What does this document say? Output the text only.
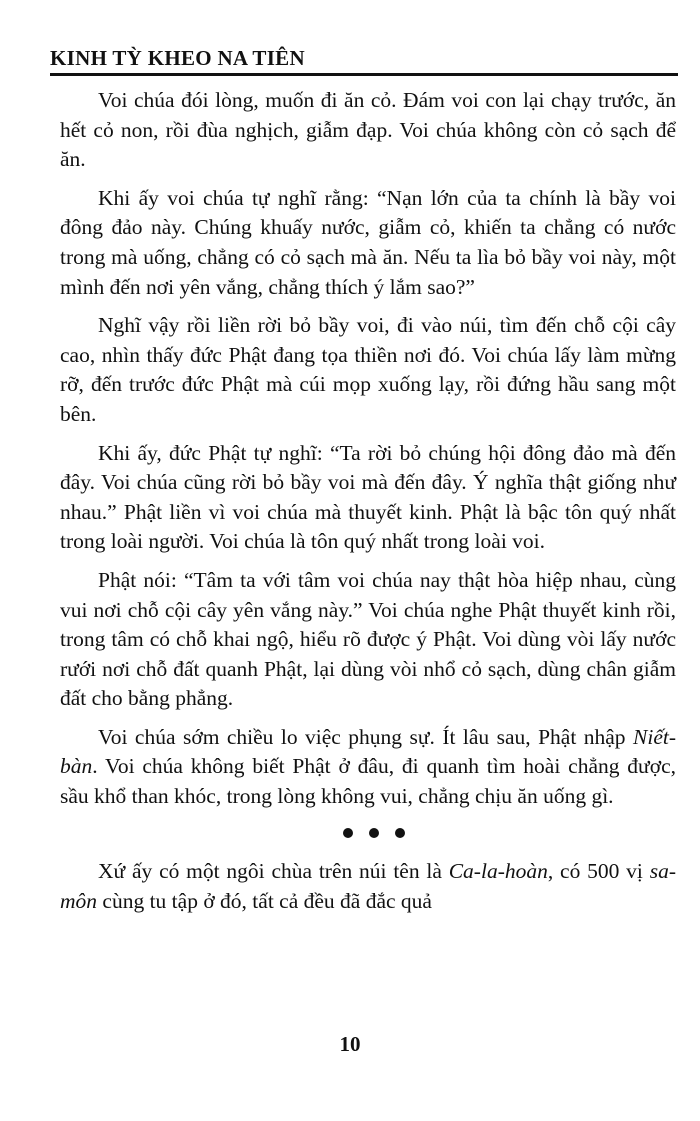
KINH TỲ KHEO NA TIÊN

Voi chúa đói lòng, muốn đi ăn cỏ. Đám voi con lại chạy trước, ăn hết cỏ non, rồi đùa nghịch, giẫm đạp. Voi chúa không còn cỏ sạch để ăn.

Khi ấy voi chúa tự nghĩ rằng: “Nạn lớn của ta chính là bầy voi đông đảo này. Chúng khuấy nước, giẫm cỏ, khiến ta chẳng có nước trong mà uống, chẳng có cỏ sạch mà ăn. Nếu ta lìa bỏ bầy voi này, một mình đến nơi yên vắng, chẳng thích ý lắm sao?”

Nghĩ vậy rồi liền rời bỏ bầy voi, đi vào núi, tìm đến chỗ cội cây cao, nhìn thấy đức Phật đang tọa thiền nơi đó. Voi chúa lấy làm mừng rỡ, đến trước đức Phật mà cúi mọp xuống lạy, rồi đứng hầu sang một bên.

Khi ấy, đức Phật tự nghĩ: “Ta rời bỏ chúng hội đông đảo mà đến đây. Voi chúa cũng rời bỏ bầy voi mà đến đây. Ý nghĩa thật giống như nhau.” Phật liền vì voi chúa mà thuyết kinh. Phật là bậc tôn quý nhất trong loài người. Voi chúa là tôn quý nhất trong loài voi.

Phật nói: “Tâm ta với tâm voi chúa nay thật hòa hiệp nhau, cùng vui nơi chỗ cội cây yên vắng này.” Voi chúa nghe Phật thuyết kinh rồi, trong tâm có chỗ khai ngộ, hiểu rõ được ý Phật. Voi dùng vòi lấy nước rưới nơi chỗ đất quanh Phật, lại dùng vòi nhổ cỏ sạch, dùng chân giẫm đất cho bằng phẳng.

Voi chúa sớm chiều lo việc phụng sự. Ít lâu sau, Phật nhập Niết-bàn. Voi chúa không biết Phật ở đâu, đi quanh tìm hoài chẳng được, sầu khổ than khóc, trong lòng không vui, chẳng chịu ăn uống gì.

Xứ ấy có một ngôi chùa trên núi tên là Ca-la-hoàn, có 500 vị sa-môn cùng tu tập ở đó, tất cả đều đã đắc quả

10
